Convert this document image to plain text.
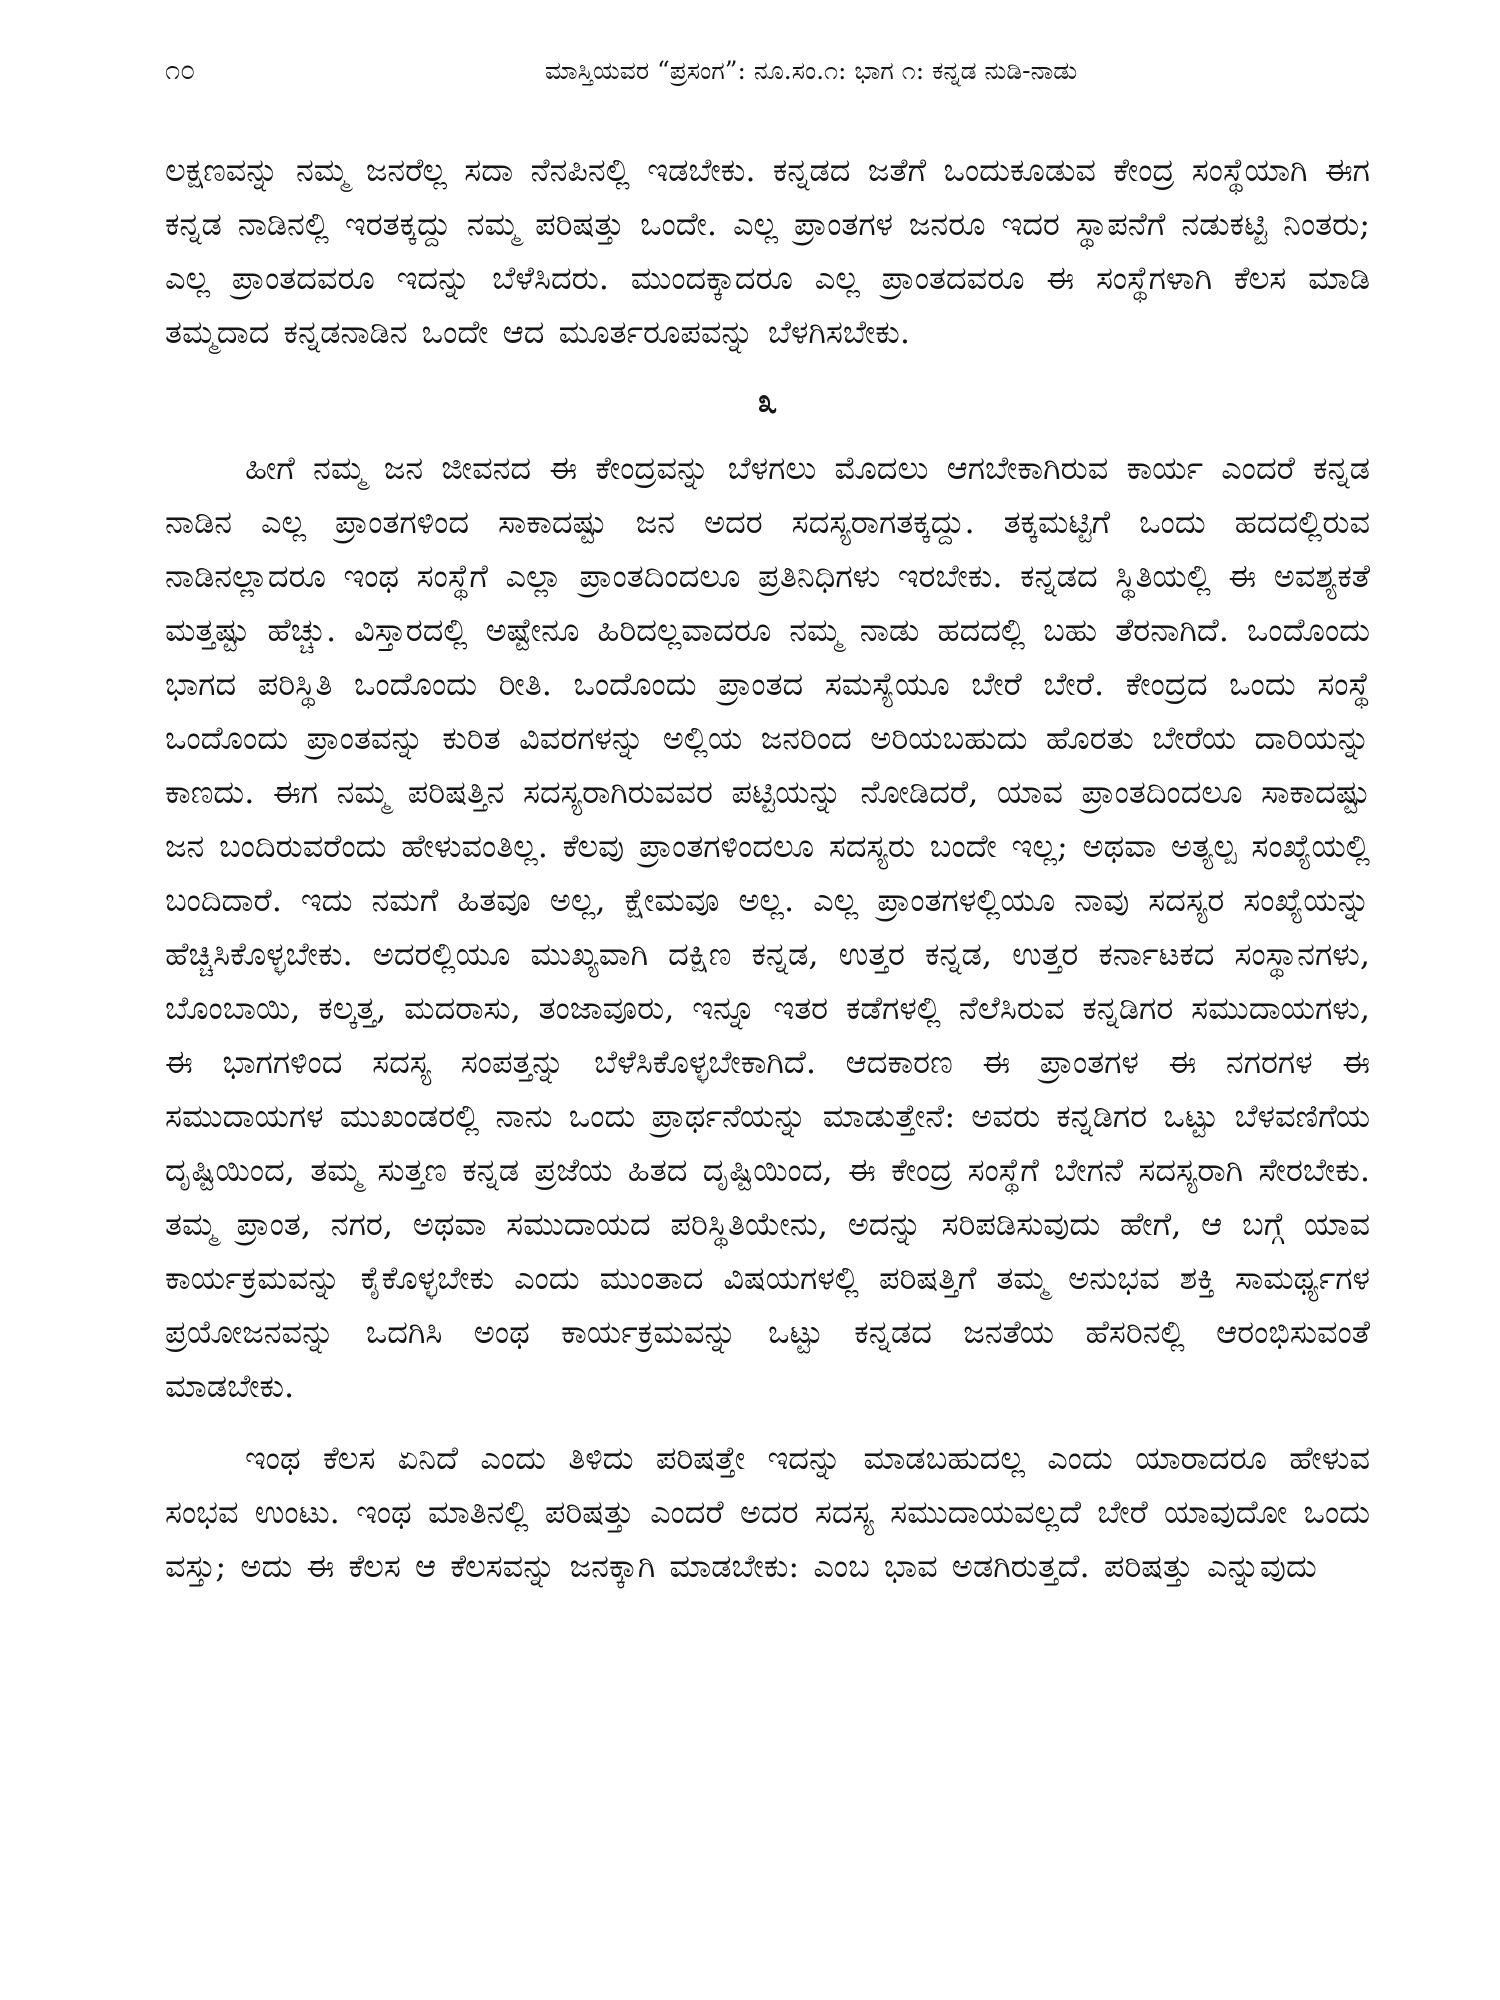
೧೦	ಮಾಸ್ತಿಯವರ “ಪ್ರಸಂಗ”: ನೂ.ಸಂ.೧: ಭಾಗ ೧: ಕನ್ನಡ ನುಡಿ-ನಾಡು

ಲಕ್ಷಣವನ್ನು ನಮ್ಮ ಜನರೆಲ್ಲ ಸದಾ ನೆನಪಿನಲ್ಲಿ ಇಡಬೇಕು. ಕನ್ನಡದ ಜತೆಗೆ ಒಂದುಕೂಡುವ ಕೇಂದ್ರ ಸಂಸ್ಥೆಯಾಗಿ ಈಗ ಕನ್ನಡ ನಾಡಿನಲ್ಲಿ ಇರತಕ್ಕದ್ದು ನಮ್ಮ ಪರಿಷತ್ತು ಒಂದೇ. ಎಲ್ಲ ಪ್ರಾಂತಗಳ ಜನರೂ ಇದರ ಸ್ಥಾಪನೆಗೆ ನಡುಕಟ್ಟಿ ನಿಂತರು; ಎಲ್ಲ ಪ್ರಾಂತದವರೂ ಇದನ್ನು ಬೆಳೆಸಿದರು. ಮುಂದಕ್ಕಾದರೂ ಎಲ್ಲ ಪ್ರಾಂತದವರೂ ಈ ಸಂಸ್ಥೆಗಳಾಗಿ ಕೆಲಸ ಮಾಡಿ ತಮ್ಮದಾದ ಕನ್ನಡನಾಡಿನ ಒಂದೇ ಆದ ಮೂರ್ತರೂಪವನ್ನು ಬೆಳಗಿಸಬೇಕು.

೩

ಹೀಗೆ ನಮ್ಮ ಜನ ಜೀವನದ ಈ ಕೇಂದ್ರವನ್ನು ಬೆಳಗಲು ಮೊದಲು ಆಗಬೇಕಾಗಿರುವ ಕಾರ್ಯ ಎಂದರೆ ಕನ್ನಡ ನಾಡಿನ ಎಲ್ಲ ಪ್ರಾಂತಗಳಿಂದ ಸಾಕಾದಷ್ಟು ಜನ ಅದರ ಸದಸ್ಯರಾಗತಕ್ಕದ್ದು. ತಕ್ಕಮಟ್ಟಿಗೆ ಒಂದು ಹದದಲ್ಲಿರುವ ನಾಡಿನಲ್ಲಾದರೂ ಇಂಥ ಸಂಸ್ಥೆಗೆ ಎಲ್ಲಾ ಪ್ರಾಂತದಿಂದಲೂ ಪ್ರತಿನಿಧಿಗಳು ಇರಬೇಕು. ಕನ್ನಡದ ಸ್ಥಿತಿಯಲ್ಲಿ ಈ ಅವಶ್ಯಕತೆ ಮತ್ತಷ್ಟು ಹೆಚ್ಚು. ವಿಸ್ತಾರದಲ್ಲಿ ಅಷ್ಟೇನೂ ಹಿರಿದಲ್ಲವಾದರೂ ನಮ್ಮ ನಾಡು ಹದದಲ್ಲಿ ಬಹು ತೆರನಾಗಿದೆ. ಒಂದೊಂದು ಭಾಗದ ಪರಿಸ್ಥಿತಿ ಒಂದೊಂದು ರೀತಿ. ಒಂದೊಂದು ಪ್ರಾಂತದ ಸಮಸ್ಯೆಯೂ ಬೇರೆ ಬೇರೆ. ಕೇಂದ್ರದ ಒಂದು ಸಂಸ್ಥೆ ಒಂದೊಂದು ಪ್ರಾಂತವನ್ನು ಕುರಿತ ವಿವರಗಳನ್ನು ಅಲ್ಲಿಯ ಜನರಿಂದ ಅರಿಯಬಹುದು ಹೊರತು ಬೇರೆಯ ದಾರಿಯನ್ನು ಕಾಣದು. ಈಗ ನಮ್ಮ ಪರಿಷತ್ತಿನ ಸದಸ್ಯರಾಗಿರುವವರ ಪಟ್ಟಿಯನ್ನು ನೋಡಿದರೆ, ಯಾವ ಪ್ರಾಂತದಿಂದಲೂ ಸಾಕಾದಷ್ಟು ಜನ ಬಂದಿರುವರೆಂದು ಹೇಳುವಂತಿಲ್ಲ. ಕೆಲವು ಪ್ರಾಂತಗಳಿಂದಲೂ ಸದಸ್ಯರು ಬಂದೇ ಇಲ್ಲ; ಅಥವಾ ಅತ್ಯಲ್ಪ ಸಂಖ್ಯೆಯಲ್ಲಿ ಬಂದಿದಾರೆ. ಇದು ನಮಗೆ ಹಿತವೂ ಅಲ್ಲ, ಕ್ಷೇಮವೂ ಅಲ್ಲ. ಎಲ್ಲ ಪ್ರಾಂತಗಳಲ್ಲಿಯೂ ನಾವು ಸದಸ್ಯರ ಸಂಖ್ಯೆಯನ್ನು ಹೆಚ್ಚಿಸಿಕೊಳ್ಳಬೇಕು. ಅದರಲ್ಲಿಯೂ ಮುಖ್ಯವಾಗಿ ದಕ್ಷಿಣ ಕನ್ನಡ, ಉತ್ತರ ಕನ್ನಡ, ಉತ್ತರ ಕರ್ನಾಟಕದ ಸಂಸ್ಥಾನಗಳು, ಬೊಂಬಾಯಿ, ಕಲ್ಕತ್ತ, ಮದರಾಸು, ತಂಜಾವೂರು, ಇನ್ನೂ ಇತರ ಕಡೆಗಳಲ್ಲಿ ನೆಲೆಸಿರುವ ಕನ್ನಡಿಗರ ಸಮುದಾಯಗಳು, ಈ ಭಾಗಗಳಿಂದ ಸದಸ್ಯ ಸಂಪತ್ತನ್ನು ಬೆಳೆಸಿಕೊಳ್ಳಬೇಕಾಗಿದೆ. ಆದಕಾರಣ ಈ ಪ್ರಾಂತಗಳ ಈ ನಗರಗಳ ಈ ಸಮುದಾಯಗಳ ಮುಖಂಡರಲ್ಲಿ ನಾನು ಒಂದು ಪ್ರಾರ್ಥನೆಯನ್ನು ಮಾಡುತ್ತೇನೆ: ಅವರು ಕನ್ನಡಿಗರ ಒಟ್ಟು ಬೆಳವಣಿಗೆಯ ದೃಷ್ಟಿಯಿಂದ, ತಮ್ಮ ಸುತ್ತಣ ಕನ್ನಡ ಪ್ರಜೆಯ ಹಿತದ ದೃಷ್ಟಿಯಿಂದ, ಈ ಕೇಂದ್ರ ಸಂಸ್ಥೆಗೆ ಬೇಗನೆ ಸದಸ್ಯರಾಗಿ ಸೇರಬೇಕು. ತಮ್ಮ ಪ್ರಾಂತ, ನಗರ, ಅಥವಾ ಸಮುದಾಯದ ಪರಿಸ್ಥಿತಿಯೇನು, ಅದನ್ನು ಸರಿಪಡಿಸುವುದು ಹೇಗೆ, ಆ ಬಗ್ಗೆ ಯಾವ ಕಾರ್ಯಕ್ರಮವನ್ನು ಕೈಕೊಳ್ಳಬೇಕು ಎಂದು ಮುಂತಾದ ವಿಷಯಗಳಲ್ಲಿ ಪರಿಷತ್ತಿಗೆ ತಮ್ಮ ಅನುಭವ ಶಕ್ತಿ ಸಾಮರ್ಥ್ಯಗಳ ಪ್ರಯೋಜನವನ್ನು ಒದಗಿಸಿ ಅಂಥ ಕಾರ್ಯಕ್ರಮವನ್ನು ಒಟ್ಟು ಕನ್ನಡದ ಜನತೆಯ ಹೆಸರಿನಲ್ಲಿ ಆರಂಭಿಸುವಂತೆ ಮಾಡಬೇಕು.

ಇಂಥ ಕೆಲಸ ಏನಿದೆ ಎಂದು ತಿಳಿದು ಪರಿಷತ್ತೇ ಇದನ್ನು ಮಾಡಬಹುದಲ್ಲ ಎಂದು ಯಾರಾದರೂ ಹೇಳುವ ಸಂಭವ ಉಂಟು. ಇಂಥ ಮಾತಿನಲ್ಲಿ ಪರಿಷತ್ತು ಎಂದರೆ ಅದರ ಸದಸ್ಯ ಸಮುದಾಯವಲ್ಲದೆ ಬೇರೆ ಯಾವುದೋ ಒಂದು ವಸ್ತು; ಅದು ಈ ಕೆಲಸ ಆ ಕೆಲಸವನ್ನು ಜನಕ್ಕಾಗಿ ಮಾಡಬೇಕು: ಎಂಬ ಭಾವ ಅಡಗಿರುತ್ತದೆ. ಪರಿಷತ್ತು ಎನ್ನುವುದು
